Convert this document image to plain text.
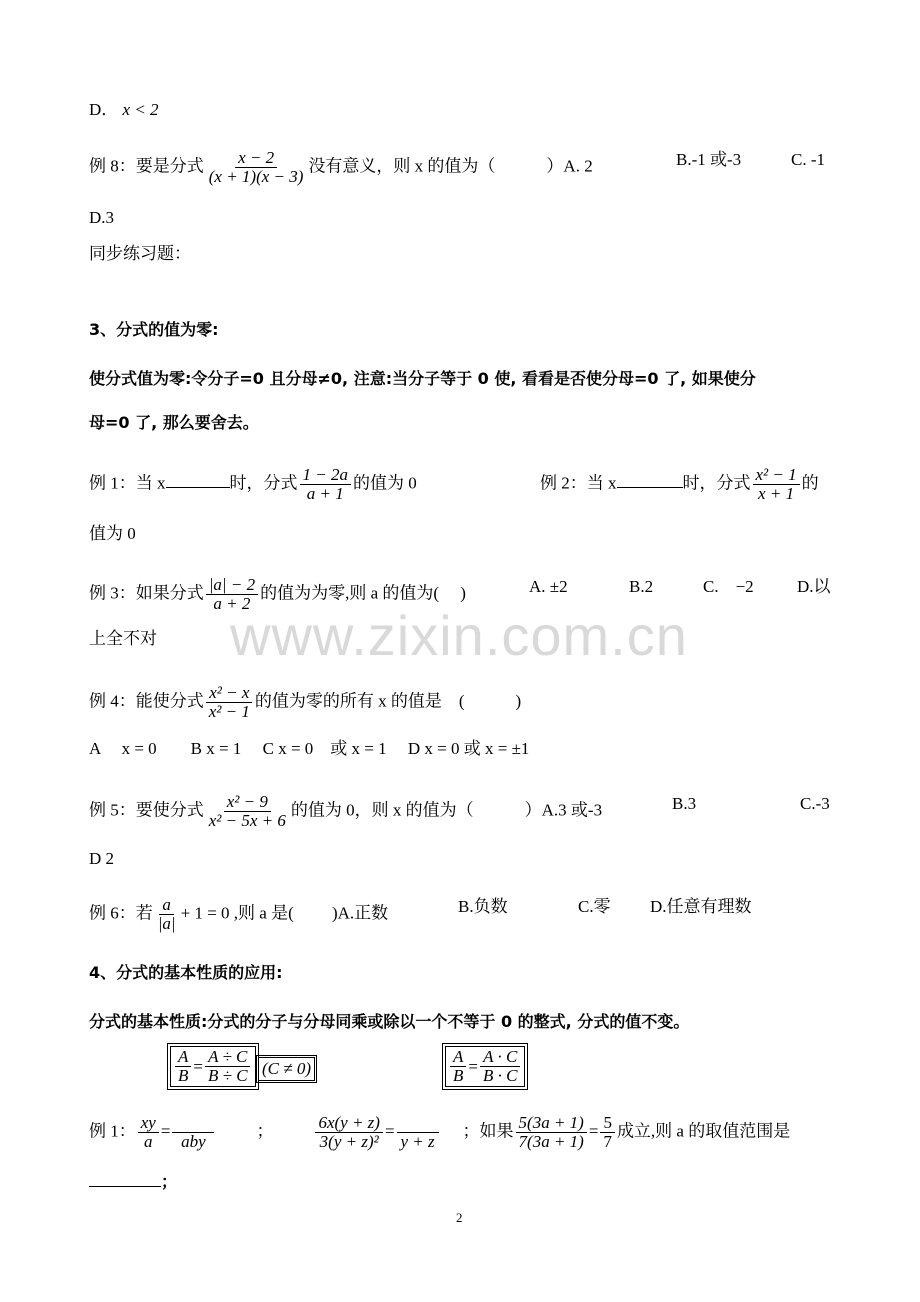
www.zixin.com.cn
D． x < 2
例 8：要是分式 $\frac{x - 2}{(x + 1)(x - 3)}$ 没有意义，则 x 的值为（　　　）A. 2	B.-1 或-3	C. -1
D.3
同步练习题：
3、分式的值为零:
使分式值为零:令分子=0 且分母≠0, 注意:当分子等于 0 使, 看看是否使分母=0 了, 如果使分
母=0 了, 那么要舍去。
例 1：当 x	时，分式 $\frac{1 - 2a}{a + 1}$ 的值为 0	例 2：当 x	时，分式 $\frac{\text{x² − 1}}{x + 1}$ 的
值为 0
例 3：如果分式 $\frac{|a| - 2}{a + 2}$ 的值为为零,则 a 的值为(　 )	A. ±2	B.2	C.　−2	D.以
上全不对
例 4：能使分式 $\frac{\text{x² − x}}{\text{x² − 1}}$ 的值为零的所有 x 的值是　(　　　)
A　 x = 0　　B x = 1　 C x = 0　或 x = 1　 D x = 0 或 x = ±1
例 5：要使分式 $\frac{\text{x² − 9}}{\text{x² − 5x + 6}}$ 的值为 0，则 x 的值为（　　　）A.3 或-3	B.3	C.-3
D 2
例 6：若 $\frac{a}{|a|} + 1 = 0$ ,则 a 是(　　 )A.正数	B.负数	C.零 D.任意有理数
4、分式的基本性质的应用:
分式的基本性质:分式的分子与分母同乘或除以一个不等于 0 的整式, 分式的值不变。
$\frac{A}{B} = \frac{A \div C}{B \div C} (C \ne 0)$	$\frac{A}{B} = \frac{A \cdot C}{B \cdot C}$
例 1： $\frac{xy}{a}$ =
aby
； $\frac{6x(y + z)}{\text{3(y + z)²}}$ =
y + z
；如果 $\frac{5(3a + 1)}{7(3a + 1)} = \frac{5}{7}$ 成立,则 a 的取值范围是
；
2
